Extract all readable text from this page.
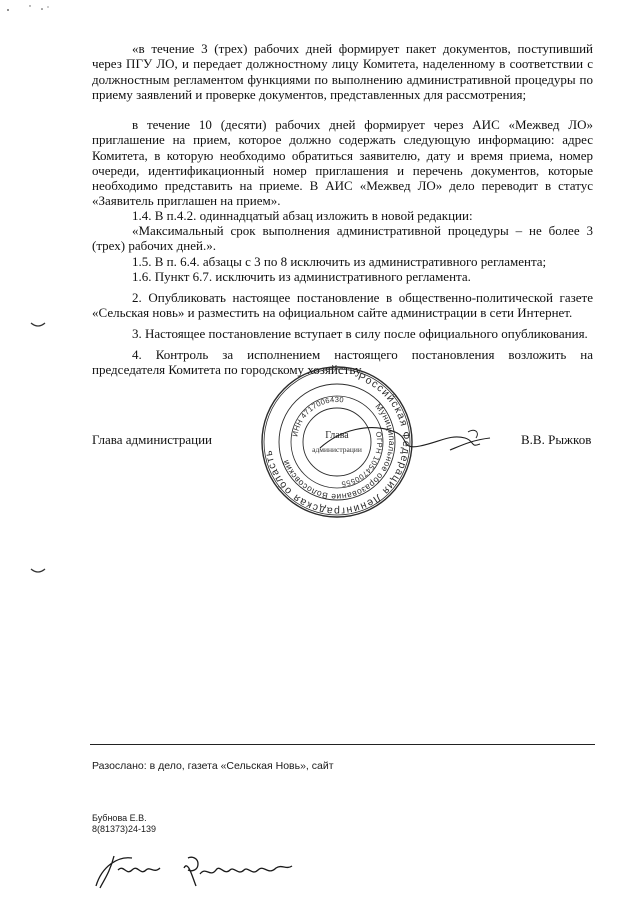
«в течение 3 (трех) рабочих дней формирует пакет документов, поступивший через ПГУ ЛО, и передает должностному лицу Комитета, наделенному в соответствии с должностным регламентом функциями по выполнению административной процедуры по приему заявлений и проверке документов, представленных для рассмотрения;

в течение 10 (десяти) рабочих дней формирует через АИС «Межвед ЛО» приглашение на прием, которое должно содержать следующую информацию: адрес Комитета, в которую необходимо обратиться заявителю, дату и время приема, номер очереди, идентификационный номер приглашения и перечень документов, которые необходимо представить на приеме. В АИС «Межвед ЛО» дело переводит в статус «Заявитель приглашен на прием».

1.4. В п.4.2. одиннадцатый абзац изложить в новой редакции:

«Максимальный срок выполнения административной процедуры – не более 3 (трех) рабочих дней.».

1.5. В п. 6.4. абзацы с 3 по 8 исключить из административного регламента;

1.6. Пункт 6.7. исключить из административного регламента.

2. Опубликовать настоящее постановление в общественно-политической газете «Сельская новь» и разместить на официальном сайте администрации в сети Интернет.

3. Настоящее постановление вступает в силу после официального опубликования.

4. Контроль за исполнением настоящего постановления возложить на председателя Комитета по городскому хозяйству.

Глава администрации	В.В. Рыжков
Российская Федерация Ленинградская область
Муниципальное образование Волосовский
ОГРН 1054700555
ИНН 4717006430
Глава
администрации
Разослано: в дело, газета «Сельская Новь», сайт
Бубнова Е.В.
8(81373)24-139
